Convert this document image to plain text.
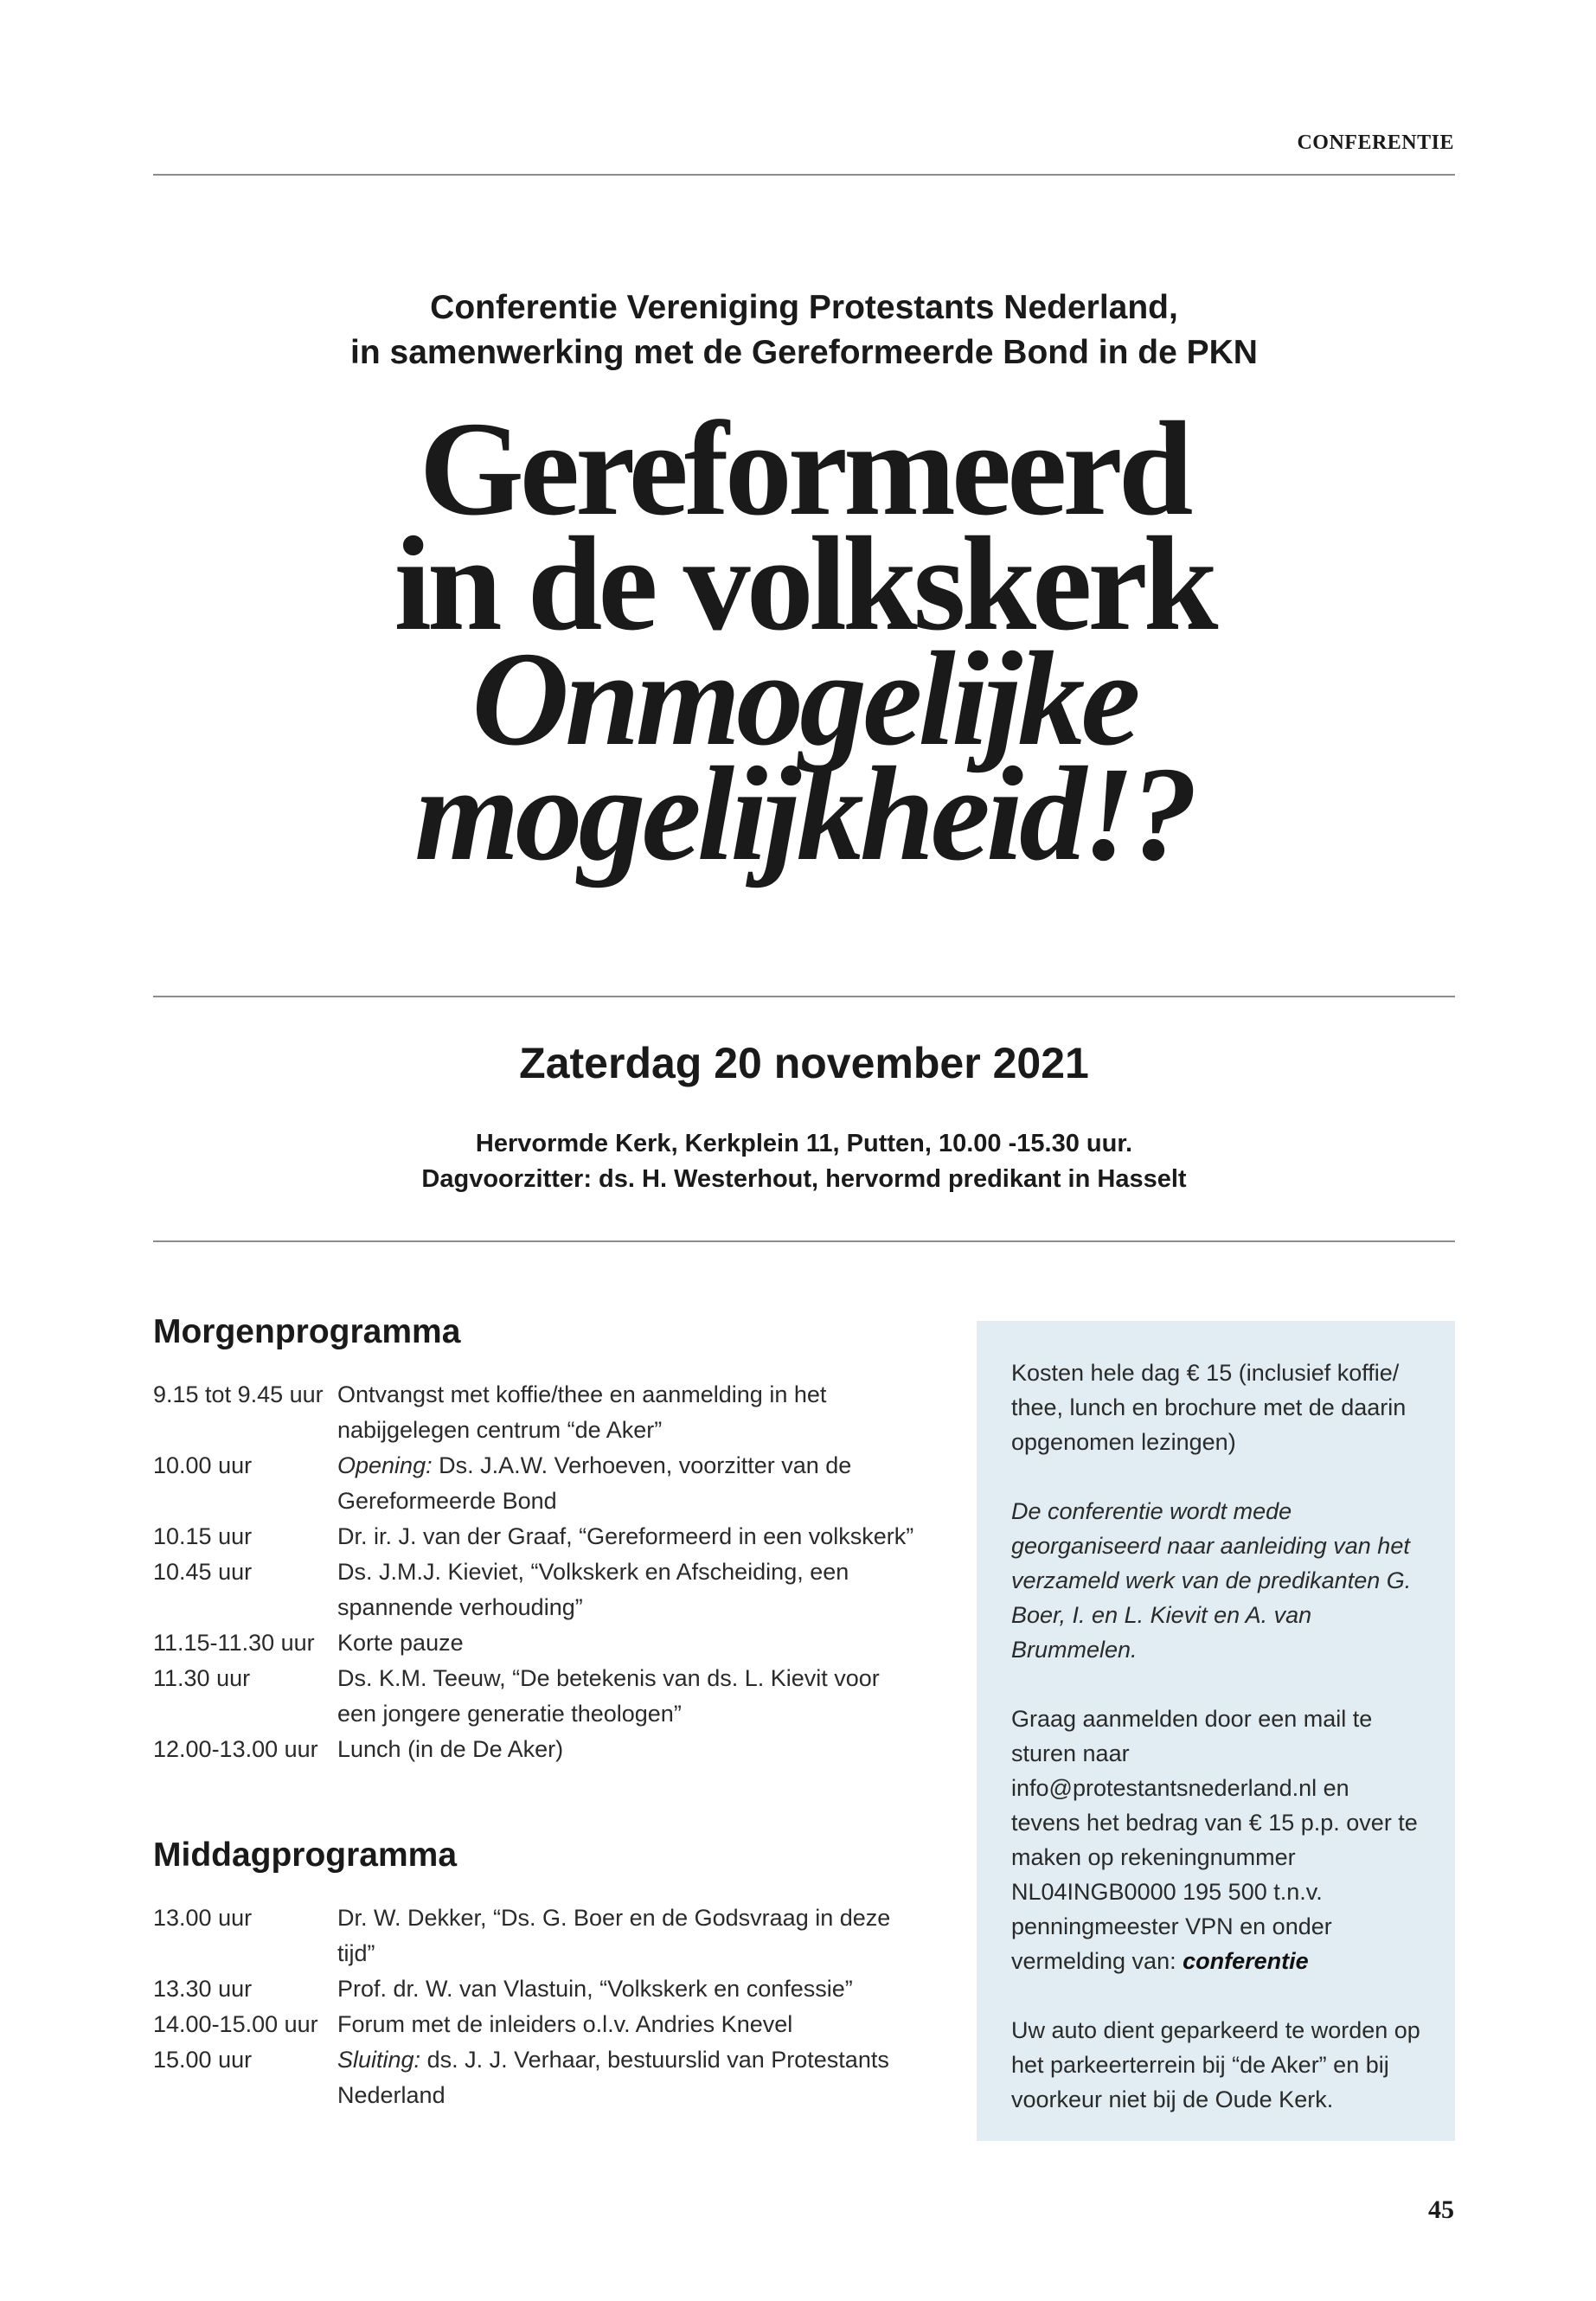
CONFERENTIE
Conferentie Vereniging Protestants Nederland,
in samenwerking met de Gereformeerde Bond in de PKN
Gereformeerd
in de volkskerk
Onmogelijke
mogelijkheid!?
Zaterdag 20 november 2021
Hervormde Kerk, Kerkplein 11, Putten, 10.00 -15.30 uur.
Dagvoorzitter: ds. H. Westerhout, hervormd predikant in Hasselt
Morgenprogramma
9.15 tot 9.45 uur Ontvangst met koffie/thee en aanmelding in het nabijgelegen centrum “de Aker”
10.00 uur	Opening: Ds. J.A.W. Verhoeven, voorzitter van de Gereformeerde Bond
10.15 uur	Dr. ir. J. van der Graaf, “Gereformeerd in een volkskerk”
10.45 uur	Ds. J.M.J. Kieviet, “Volkskerk en Afscheiding, een spannende verhouding”
11.15-11.30 uur Korte pauze
11.30 uur	Ds. K.M. Teeuw, “De betekenis van ds. L. Kievit voor een jongere generatie theologen”
12.00-13.00 uur Lunch (in de De Aker)
Middagprogramma
13.00 uur	Dr. W. Dekker, “Ds. G. Boer en de Godsvraag in deze tijd”
13.30 uur	Prof. dr. W. van Vlastuin, “Volkskerk en confessie”
14.00-15.00 uur Forum met de inleiders o.l.v. Andries Knevel
15.00 uur	Sluiting: ds. J. J. Verhaar, bestuurslid van Protestants Nederland

Kosten hele dag € 15 (inclusief koffie/ thee, lunch en brochure met de daarin opgenomen lezingen)

De conferentie wordt mede georganiseerd naar aanleiding van het verzameld werk van de predikanten G. Boer, I. en L. Kievit en A. van Brummelen.

Graag aanmelden door een mail te sturen naar info@protestantsnederland.nl en tevens het bedrag van € 15 p.p. over te maken op rekeningnummer NL04INGB0000 195 500 t.n.v. penningmeester VPN en onder vermelding van: conferentie

Uw auto dient geparkeerd te worden op het parkeerterrein bij “de Aker” en bij voorkeur niet bij de Oude Kerk.

45
